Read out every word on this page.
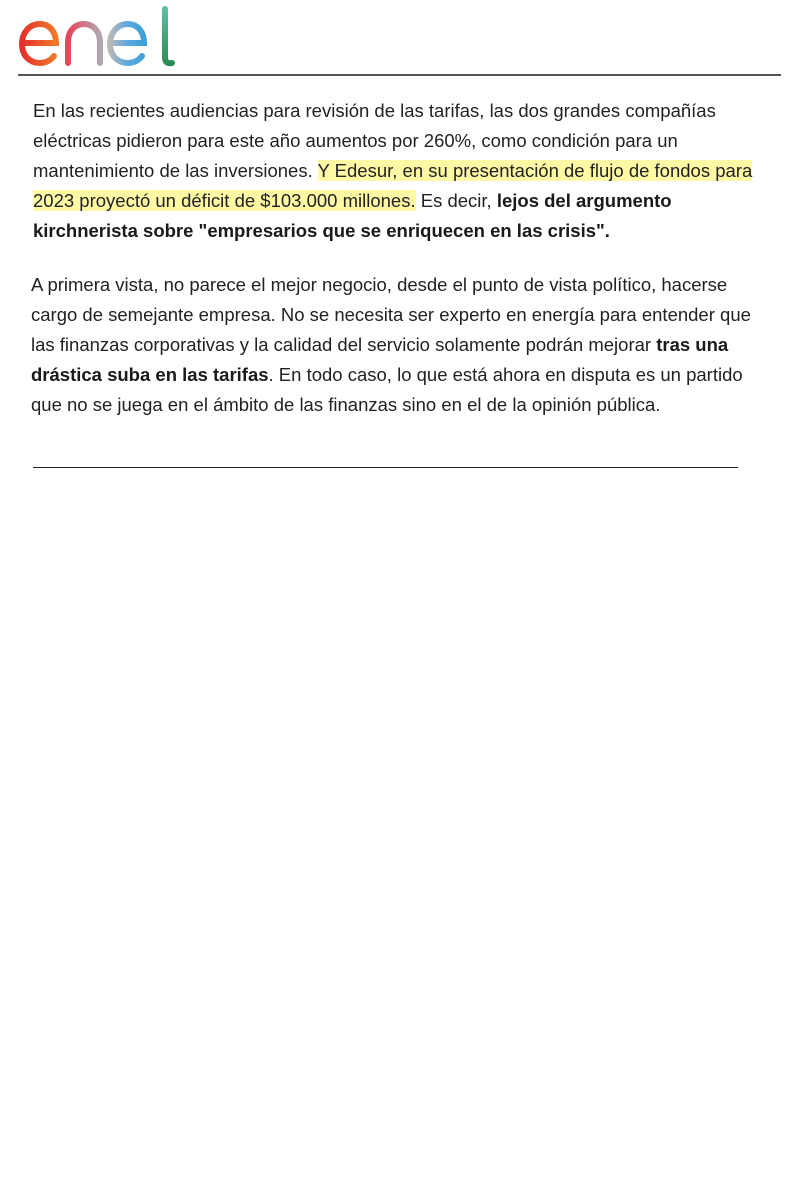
En las recientes audiencias para revisión de las tarifas, las dos grandes compañías eléctricas pidieron para este año aumentos por 260%, como condición para un mantenimiento de las inversiones. Y Edesur, en su presentación de flujo de fondos para 2023 proyectó un déficit de $103.000 millones. Es decir, lejos del argumento kirchnerista sobre "empresarios que se enriquecen en las crisis".

A primera vista, no parece el mejor negocio, desde el punto de vista político, hacerse cargo de semejante empresa. No se necesita ser experto en energía para entender que las finanzas corporativas y la calidad del servicio solamente podrán mejorar tras una drástica suba en las tarifas. En todo caso, lo que está ahora en disputa es un partido que no se juega en el ámbito de las finanzas sino en el de la opinión pública.
